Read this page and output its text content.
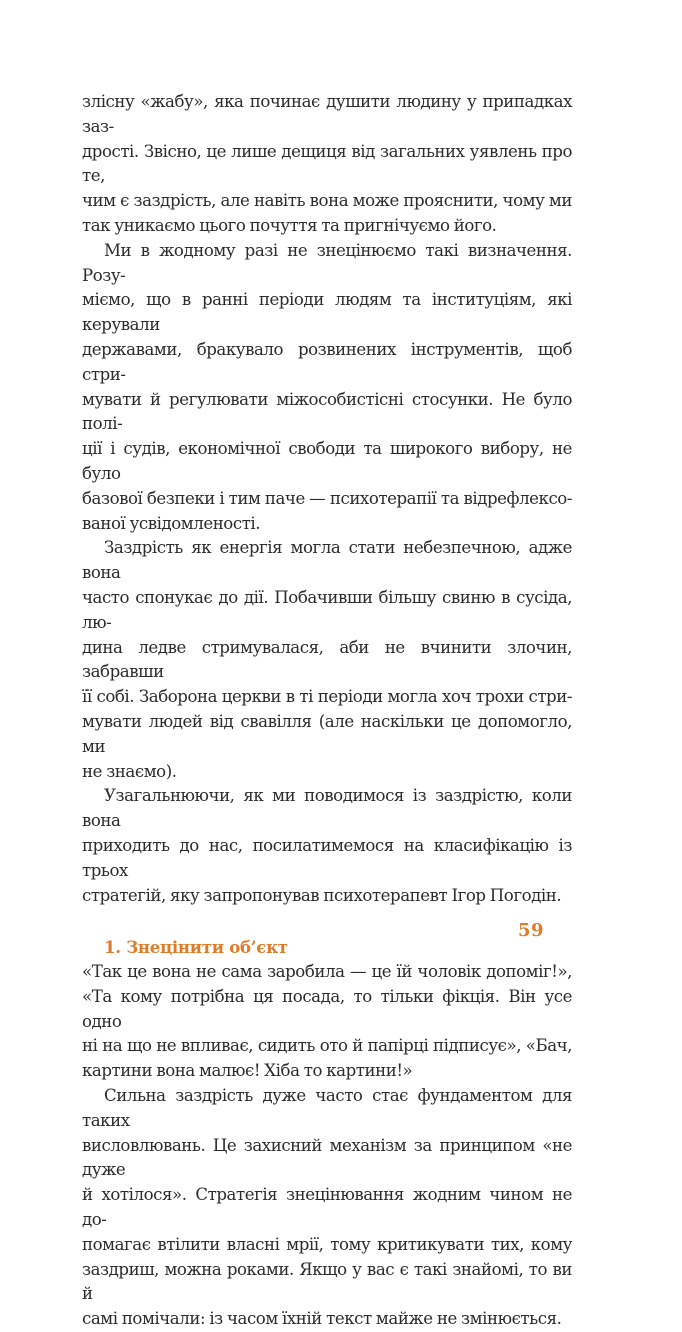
злісну «жабу», яка починає душити людину у припадках зaз-
дрості. Звісно, це лише дещиця від загальних уявлень про те,
чим є заздрість, але навіть вона може прояснити, чому ми
так уникаємо цього почуття та пригнічуємо його.
Ми в жодному разі не знецінюємо такі визначення. Розу-
міємо, що в ранні періоди людям та інституціям, які керували
державами, бракувало розвинених інструментів, щоб стри-
мувати й регулювати міжособистісні стосунки. Не було полі-
ції і судів, економічної свободи та широкого вибору, не було
базової безпеки і тим паче — психотерапії та відрефлексо-
ваної усвідомленості.
Заздрість як енергія могла стати небезпечною, адже вона
часто спонукає до дії. Побачивши більшу свиню в сусіда, лю-
дина ледве стримувалася, аби не вчинити злочин, забравши
її собі. Заборона церкви в ті періоди могла хоч трохи стри-
мувати людей від свавілля (але наскільки це допомогло, ми
не знаємо).
Узагальнюючи, як ми поводимося із заздрістю, коли вона
приходить до нас, посилатимемося на класифікацію із трьох
стратегій, яку запропонував психотерапевт Ігор Погодін.
1. Знецінити об’єкт
«Так це вона не сама заробила — це їй чоловік допоміг!»,
«Та кому потрібна ця посада, то тільки фікція. Він усе одно
ні на що не впливає, сидить ото й папірці підписує», «Бач,
картини вона малює! Хіба то картини!»
Сильна заздрість дуже часто стає фундаментом для таких
висловлювань. Це захисний механізм за принципом «не дуже
й хотілося». Стратегія знецінювання жодним чином не до-
помагає втілити власні мрії, тому критикувати тих, кому
заздриш, можна роками. Якщо у вас є такі знайомі, то ви й
самі помічали: із часом їхній текст майже не змінюється.
59
